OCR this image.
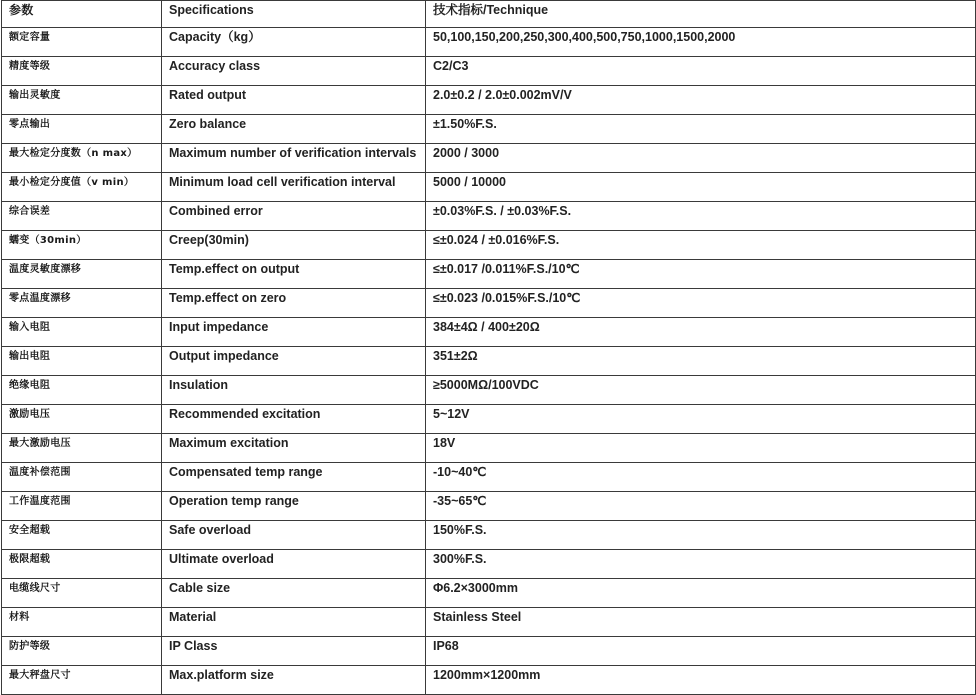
参数	Specifications	技术指标/Technique
额定容量	Capacity（kg）	50,100,150,200,250,300,400,500,750,1000,1500,2000
精度等级	Accuracy class	C2/C3
输出灵敏度	Rated output	2.0±0.2 / 2.0±0.002mV/V
零点输出	Zero balance	±1.50%F.S.
最大检定分度数（n max）	Maximum number of verification intervals	2000 / 3000
最小检定分度值（v min）	Minimum load cell verification interval	5000 / 10000
综合误差	Combined error	±0.03%F.S. / ±0.03%F.S.
蠕变（30min）	Creep(30min)	≤±0.024 / ±0.016%F.S.
温度灵敏度漂移	Temp.effect on output	≤±0.017 /0.011%F.S./10℃
零点温度漂移	Temp.effect on zero	≤±0.023 /0.015%F.S./10℃
输入电阻	Input impedance	384±4Ω / 400±20Ω
输出电阻	Output impedance	351±2Ω
绝缘电阻	Insulation	≥5000MΩ/100VDC
激励电压	Recommended excitation	5~12V
最大激励电压	Maximum excitation	18V
温度补偿范围	Compensated temp range	-10~40℃
工作温度范围	Operation temp range	-35~65℃
安全超载	Safe overload	150%F.S.
极限超载	Ultimate overload	300%F.S.
电缆线尺寸	Cable size	Φ6.2×3000mm
材料	Material	Stainless Steel
防护等级	IP Class	IP68
最大秤盘尺寸	Max.platform size	1200mm×1200mm
